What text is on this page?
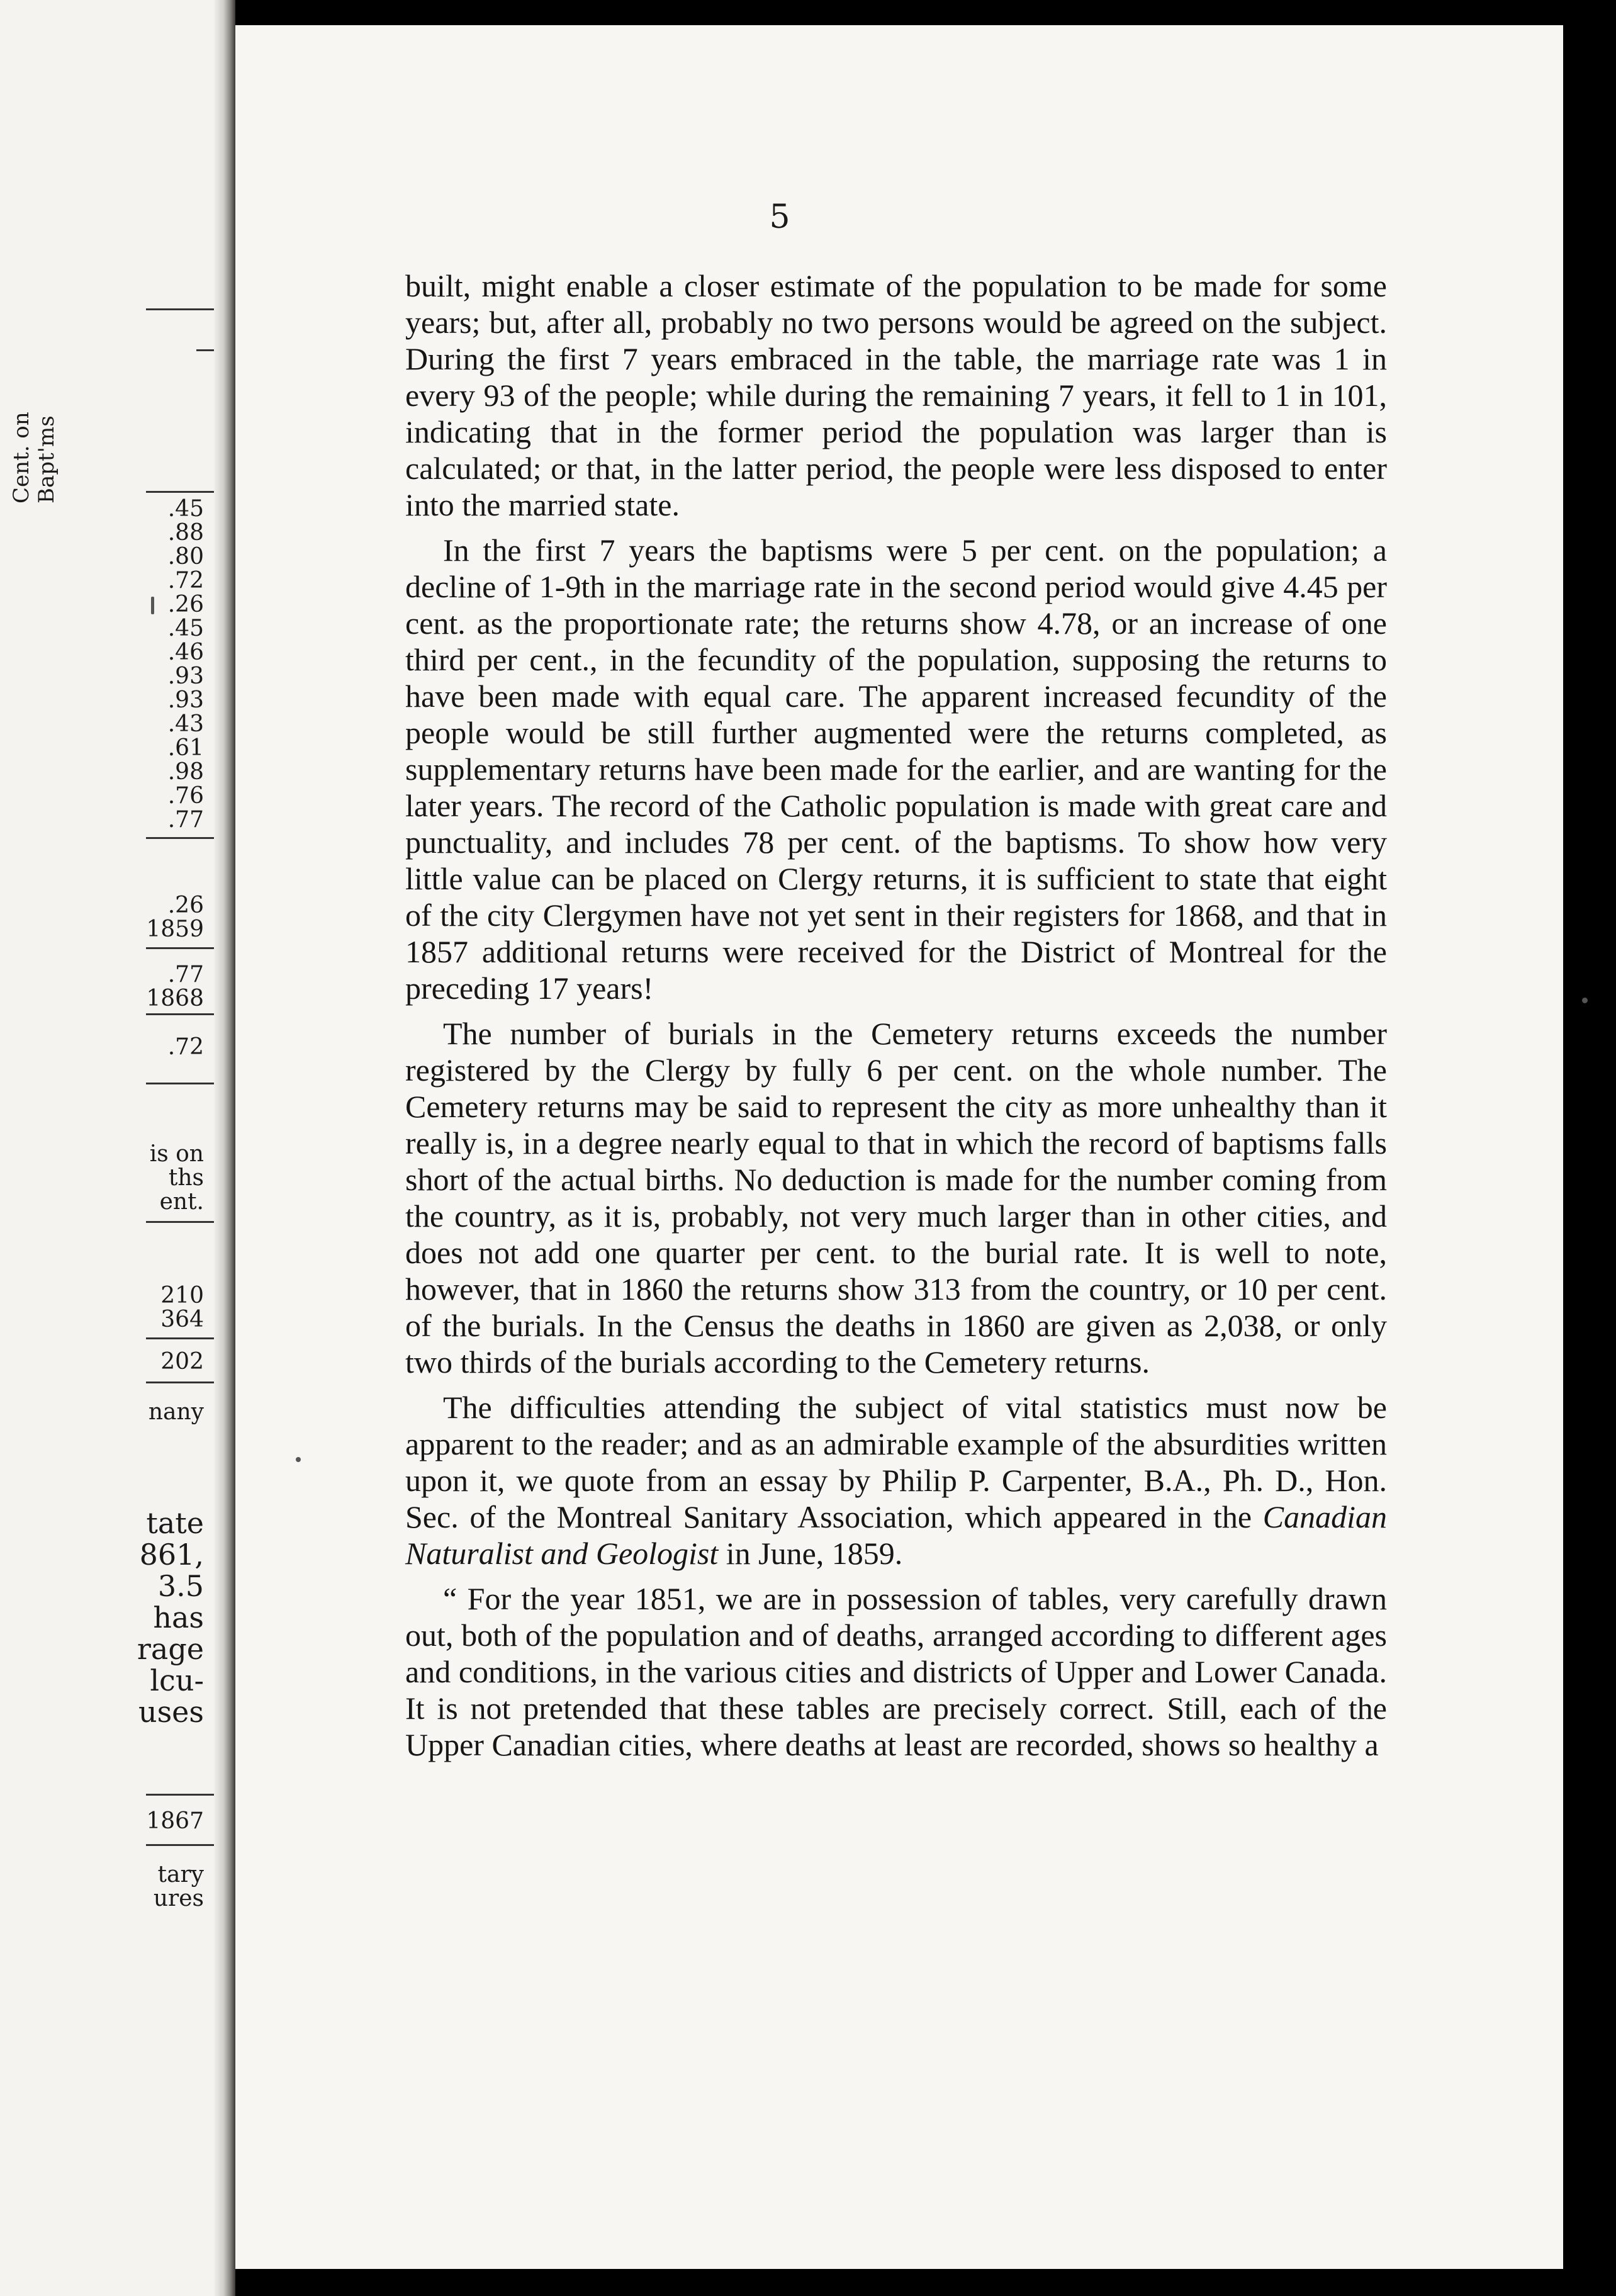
Cent. on
Bapt'ms
.45
.88
.80
.72
.26
.45
.46
.93
.93
.43
.61
.98
.76
.77
.26
1859
.77
1868
.72
is on
ths
ent.
210
364
202
nany
tate
861,
3.5
has
rage
lcu-
uses
1867
tary
ures
5

built, might enable a closer estimate of the population to be made for some years; but, after all, probably no two persons would be agreed on the subject. During the first 7 years embraced in the table, the marriage rate was 1 in every 93 of the people; while during the remaining 7 years, it fell to 1 in 101, indicating that in the former period the population was larger than is calculated; or that, in the latter period, the people were less disposed to enter into the married state.

In the first 7 years the baptisms were 5 per cent. on the population; a decline of 1-9th in the marriage rate in the second period would give 4.45 per cent. as the proportionate rate; the returns show 4.78, or an increase of one third per cent., in the fecundity of the population, supposing the returns to have been made with equal care. The apparent increased fecundity of the people would be still further augmented were the returns completed, as supplementary returns have been made for the earlier, and are wanting for the later years. The record of the Catholic population is made with great care and punctuality, and includes 78 per cent. of the baptisms. To show how very little value can be placed on Clergy returns, it is sufficient to state that eight of the city Clergymen have not yet sent in their registers for 1868, and that in 1857 additional returns were received for the District of Montreal for the preceding 17 years!

The number of burials in the Cemetery returns exceeds the number registered by the Clergy by fully 6 per cent. on the whole number. The Cemetery returns may be said to represent the city as more unhealthy than it really is, in a degree nearly equal to that in which the record of baptisms falls short of the actual births. No deduction is made for the number coming from the country, as it is, probably, not very much larger than in other cities, and does not add one quarter per cent. to the burial rate. It is well to note, however, that in 1860 the returns show 313 from the country, or 10 per cent. of the burials. In the Census the deaths in 1860 are given as 2,038, or only two thirds of the burials according to the Cemetery returns.

The difficulties attending the subject of vital statistics must now be apparent to the reader; and as an admirable example of the absurdities written upon it, we quote from an essay by Philip P. Carpenter, B.A., Ph. D., Hon. Sec. of the Montreal Sanitary Association, which appeared in the Canadian Naturalist and Geologist in June, 1859.

“ For the year 1851, we are in possession of tables, very carefully drawn out, both of the population and of deaths, arranged according to different ages and conditions, in the various cities and districts of Upper and Lower Canada. It is not pretended that these tables are precisely correct. Still, each of the Upper Canadian cities, where deaths at least are recorded, shows so healthy a
